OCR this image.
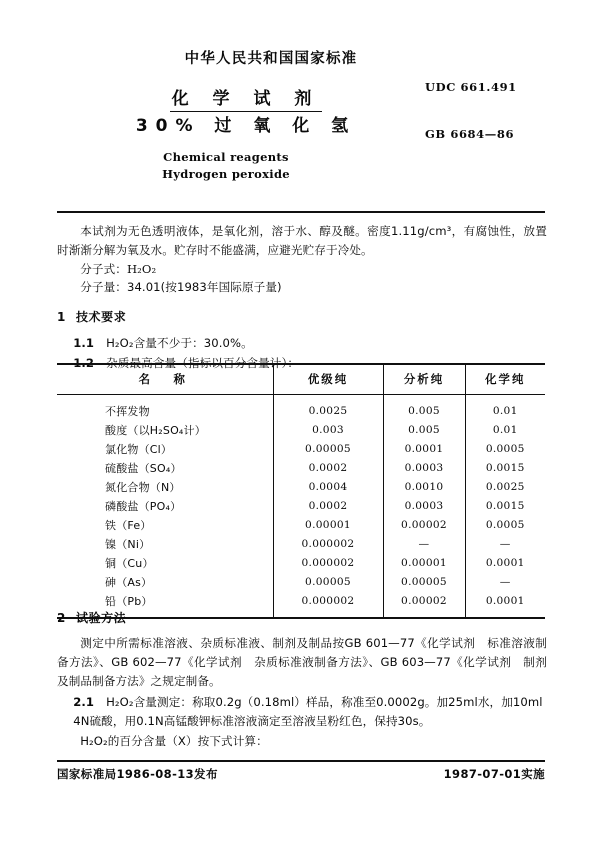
中华人民共和国国家标准
化 学 试 剂
30% 过 氧 化 氢
Chemical reagents
Hydrogen peroxide
UDC 661.491
GB 6684—86

本试剂为无色透明液体，是氧化剂，溶于水、醇及醚。密度1.11g/cm³，有腐蚀性，放置时渐渐分解为氧及水。贮存时不能盛满，应避光贮存于冷处。

分子式：H₂O₂

分子量：34.01(按1983年国际原子量)

1 技术要求
1.1 H₂O₂含量不少于：30.0%。
1.2 杂质最高含量（指标以百分含量计）：
名　称	优级纯	分析纯	化学纯
不挥发物	0.0025	0.005	0.01
酸度（以H₂SO₄计）	0.003	0.005	0.01
氯化物（Cl）	0.00005	0.0001	0.0005
硫酸盐（SO₄）	0.0002	0.0003	0.0015
氮化合物（N）	0.0004	0.0010	0.0025
磷酸盐（PO₄）	0.0002	0.0003	0.0015
铁（Fe）	0.00001	0.00002	0.0005
镍（Ni）	0.000002	—	—
铜（Cu）	0.000002	0.00001	0.0001
砷（As）	0.00005	0.00005	—
铅（Pb）	0.000002	0.00002	0.0001
2 试验方法

测定中所需标准溶液、杂质标准液、制剂及制品按GB 601—77《化学试剂　标准溶液制备方法》、GB 602—77《化学试剂　杂质标准液制备方法》、GB 603—77《化学试剂　制剂及制品制备方法》之规定制备。

2.1 H₂O₂含量测定：称取0.2g（0.18ml）样品，称准至0.0002g。加25ml水，加10ml 4N硫酸，用0.1N高锰酸钾标准溶液滴定至溶液呈粉红色，保持30s。

H₂O₂的百分含量（X）按下式计算：

国家标准局1986-08-13发布	1987-07-01实施
